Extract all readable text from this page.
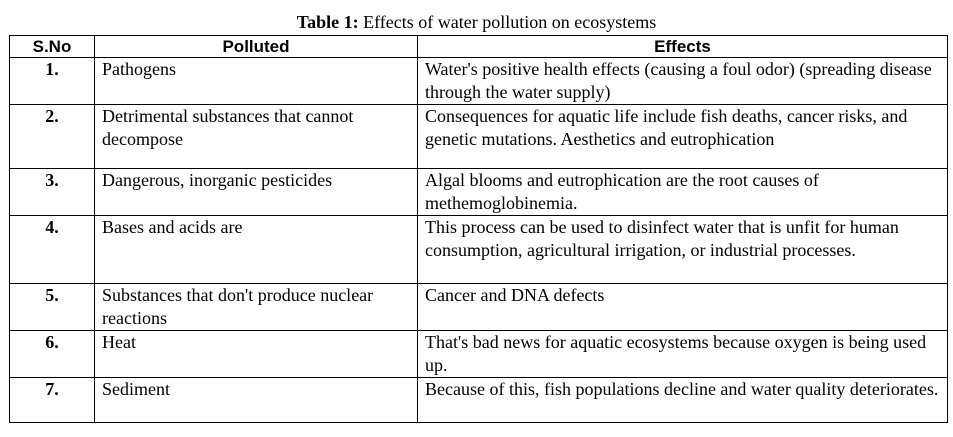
Table 1: Effects of water pollution on ecosystems
S.No	Polluted	Effects
1.	Pathogens	Water's positive health effects (causing a foul odor) (spreading disease through the water supply)
2.	Detrimental substances that cannot decompose	Consequences for aquatic life include fish deaths, cancer risks, and genetic mutations. Aesthetics and eutrophication
3.	Dangerous, inorganic pesticides	Algal blooms and eutrophication are the root causes of methemoglobinemia.
4.	Bases and acids are	This process can be used to disinfect water that is unfit for human consumption, agricultural irrigation, or industrial processes.
5.	Substances that don't produce nuclear reactions	Cancer and DNA defects
6.	Heat	That's bad news for aquatic ecosystems because oxygen is being used up.
7.	Sediment	Because of this, fish populations decline and water quality deteriorates.
